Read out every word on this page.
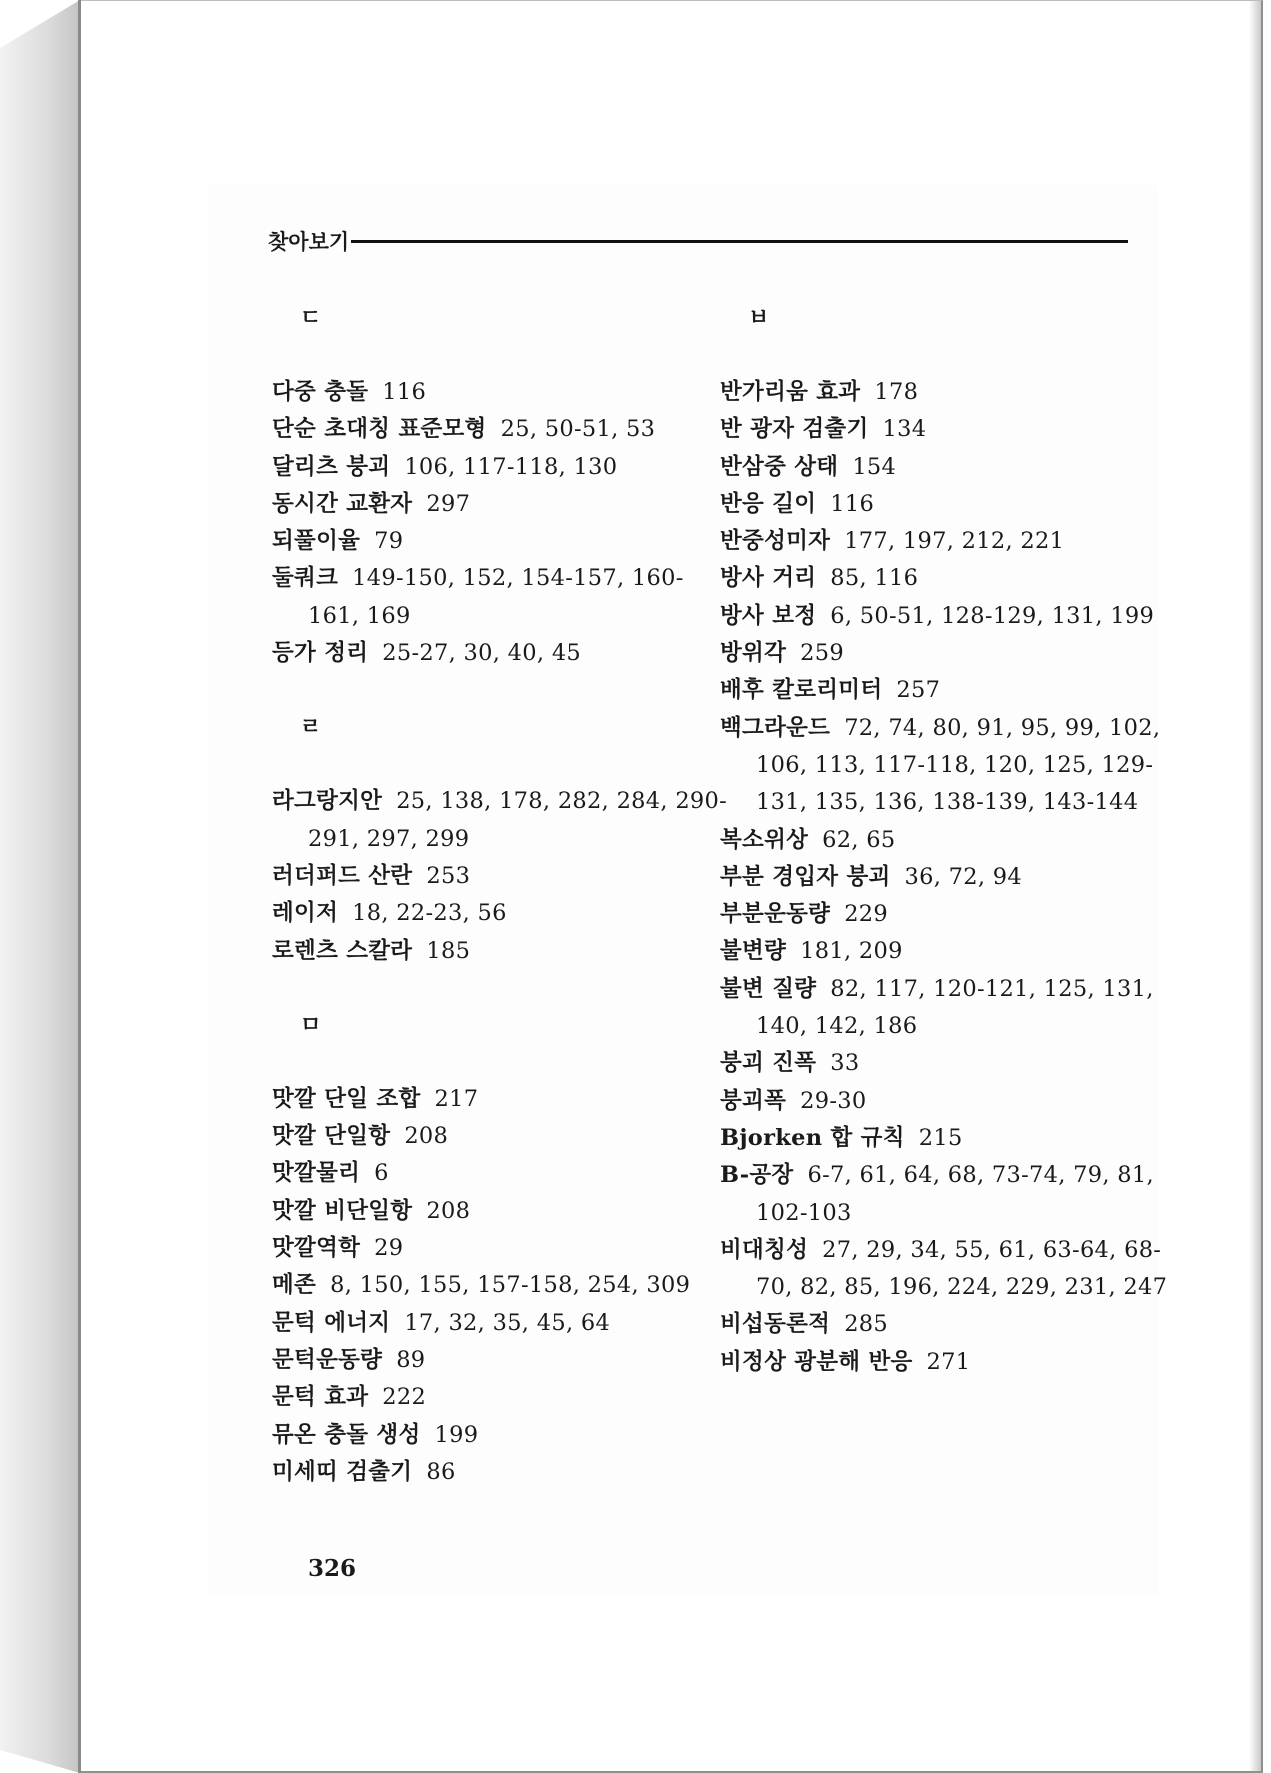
찾아보기
ㄷ
다중 충돌 116
단순 초대칭 표준모형 25, 50-51, 53
달리츠 붕괴 106, 117-118, 130
동시간 교환자 297
되풀이율 79
둘쿼크 149-150, 152, 154-157, 160-161, 169
등가 정리 25-27, 30, 40, 45
ㄹ
라그랑지안 25, 138, 178, 282, 284, 290-291, 297, 299
러더퍼드 산란 253
레이저 18, 22-23, 56
로렌츠 스칼라 185
ㅁ
맛깔 단일 조합 217
맛깔 단일항 208
맛깔물리 6
맛깔 비단일항 208
맛깔역학 29
메존 8, 150, 155, 157-158, 254, 309
문턱 에너지 17, 32, 35, 45, 64
문턱운동량 89
문턱 효과 222
뮤온 충돌 생성 199
미세띠 검출기 86
ㅂ
반가리움 효과 178
반 광자 검출기 134
반삼중 상태 154
반응 길이 116
반중성미자 177, 197, 212, 221
방사 거리 85, 116
방사 보정 6, 50-51, 128-129, 131, 199
방위각 259
배후 칼로리미터 257
백그라운드 72, 74, 80, 91, 95, 99, 102, 106, 113, 117-118, 120, 125, 129-131, 135, 136, 138-139, 143-144
복소위상 62, 65
부분 경입자 붕괴 36, 72, 94
부분운동량 229
불변량 181, 209
불변 질량 82, 117, 120-121, 125, 131, 140, 142, 186
붕괴 진폭 33
붕괴폭 29-30
Bjorken 합 규칙 215
B-공장 6-7, 61, 64, 68, 73-74, 79, 81, 102-103
비대칭성 27, 29, 34, 55, 61, 63-64, 68-70, 82, 85, 196, 224, 229, 231, 247
비섭동론적 285
비정상 광분해 반응 271
326
